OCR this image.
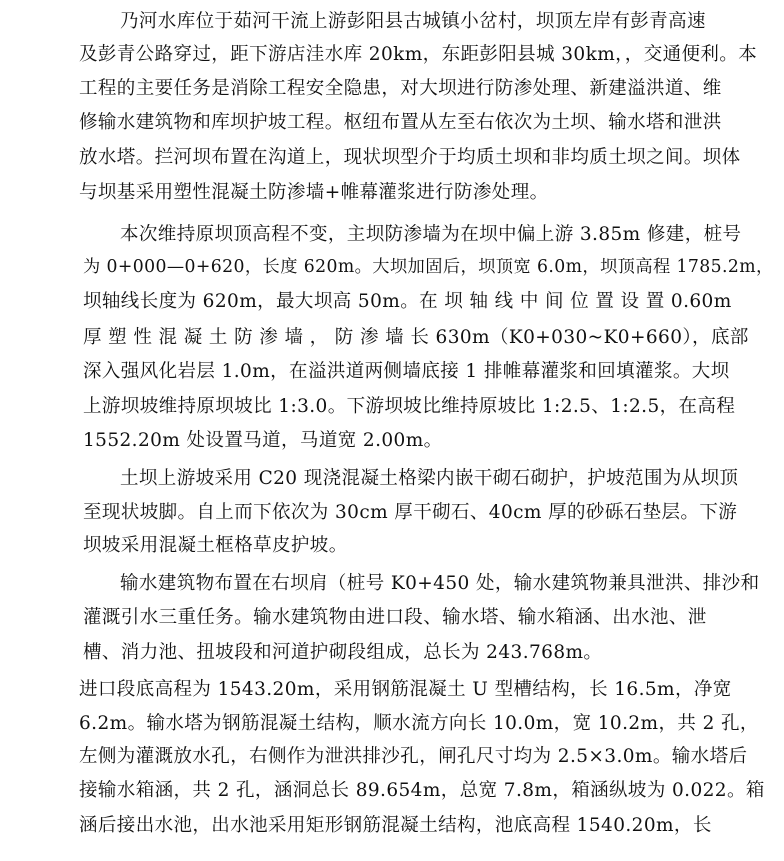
乃河水库位于茹河干流上游彭阳县古城镇小岔村，坝顶左岸有彭青高速
及彭青公路穿过，距下游店洼水库 20km，东距彭阳县城 30km，，交通便利。本
工程的主要任务是消除工程安全隐患，对大坝进行防渗处理、新建溢洪道、维
修输水建筑物和库坝护坡工程。枢纽布置从左至右依次为土坝、输水塔和泄洪
放水塔。拦河坝布置在沟道上，现状坝型介于均质土坝和非均质土坝之间。坝体
与坝基采用塑性混凝土防渗墙+帷幕灌浆进行防渗处理。
本次维持原坝顶高程不变，主坝防渗墙为在坝中偏上游 3.85m 修建，桩号
为 0+000—0+620，长度 620m。大坝加固后，坝顶宽 6.0m，坝顶高程 1785.2m，
坝轴线长度为 620m，最大坝高 50m。在 坝 轴 线 中 间 位 置 设 置 0.60m
厚 塑 性 混 凝 土 防 渗 墙 ， 防 渗 墙 长 630m（K0+030~K0+660），底部
深入强风化岩层 1.0m，在溢洪道两侧墙底接 1 排帷幕灌浆和回填灌浆。大坝
上游坝坡维持原坝坡比 1:3.0。下游坝坡比维持原坡比 1:2.5、1:2.5，在高程
1552.20m 处设置马道，马道宽 2.00m。
土坝上游坡采用 C20 现浇混凝土格梁内嵌干砌石砌护，护坡范围为从坝顶
至现状坡脚。自上而下依次为 30cm 厚干砌石、40cm 厚的砂砾石垫层。下游
坝坡采用混凝土框格草皮护坡。
输水建筑物布置在右坝肩（桩号 K0+450 处，输水建筑物兼具泄洪、排沙和
灌溉引水三重任务。输水建筑物由进口段、输水塔、输水箱涵、出水池、泄
槽、消力池、扭坡段和河道护砌段组成，总长为 243.768m。
进口段底高程为 1543.20m，采用钢筋混凝土 U 型槽结构，长 16.5m，净宽
6.2m。输水塔为钢筋混凝土结构，顺水流方向长 10.0m，宽 10.2m，共 2 孔，
左侧为灌溉放水孔，右侧作为泄洪排沙孔，闸孔尺寸均为 2.5×3.0m。输水塔后
接输水箱涵，共 2 孔，涵洞总长 89.654m，总宽 7.8m，箱涵纵坡为 0.022。箱
涵后接出水池，出水池采用矩形钢筋混凝土结构，池底高程 1540.20m，长
